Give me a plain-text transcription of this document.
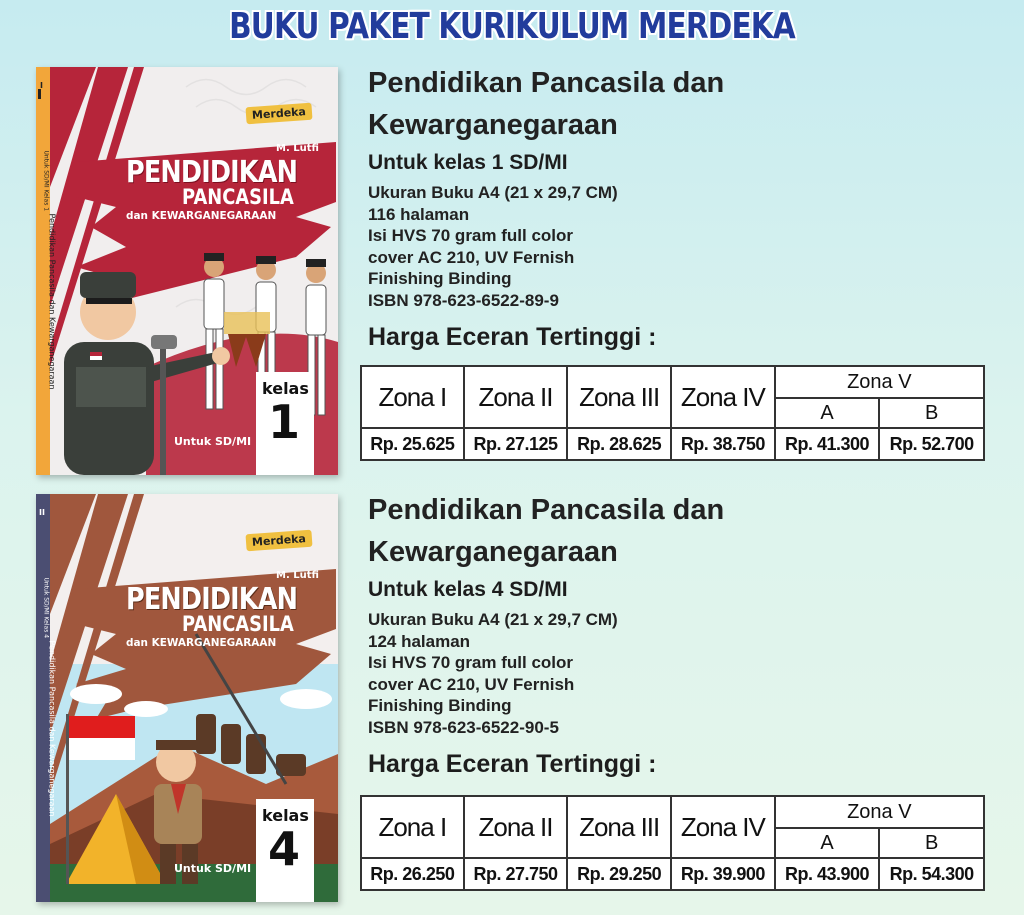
BUKU PAKET KURIKULUM MERDEKA
Merdeka
M. Lutfi
PENDIDIKAN
PANCASILA
dan KEWARGANEGARAAN
Pendidikan Pancasila dan Kewarganegaraan
Untuk SD/MI Kelas 1
kelas
1
Untuk SD/MI
I	Pendidikan Pancasila dan
Kewarganegaraan
Untuk kelas 1 SD/MI
Ukuran Buku A4 (21 x 29,7 CM)
116 halaman
Isi HVS 70 gram full color
cover AC 210, UV Fernish
Finishing Binding
ISBN 978-623-6522-89-9
Harga Eceran Tertinggi :
Zona I	Zona II	Zona III	Zona IV	Zona V	
				A	B
Rp. 25.625	Rp. 27.125	Rp. 28.625	Rp. 38.750	Rp. 41.300	Rp. 52.700
Merdeka
M. Lutfi
PENDIDIKAN
PANCASILA
dan KEWARGANEGARAAN
Pendidikan Pancasila dan Kewarganegaraan
Untuk SD/MI Kelas 4
kelas
4
Untuk SD/MI
II	Pendidikan Pancasila dan
Kewarganegaraan
Untuk kelas 4 SD/MI
Ukuran Buku A4 (21 x 29,7 CM)
124 halaman
Isi HVS 70 gram full color
cover AC 210, UV Fernish
Finishing Binding
ISBN 978-623-6522-90-5
Harga Eceran Tertinggi :
Zona I	Zona II	Zona III	Zona IV	Zona V	
				A	B
Rp. 26.250	Rp. 27.750	Rp. 29.250	Rp. 39.900	Rp. 43.900	Rp. 54.300
